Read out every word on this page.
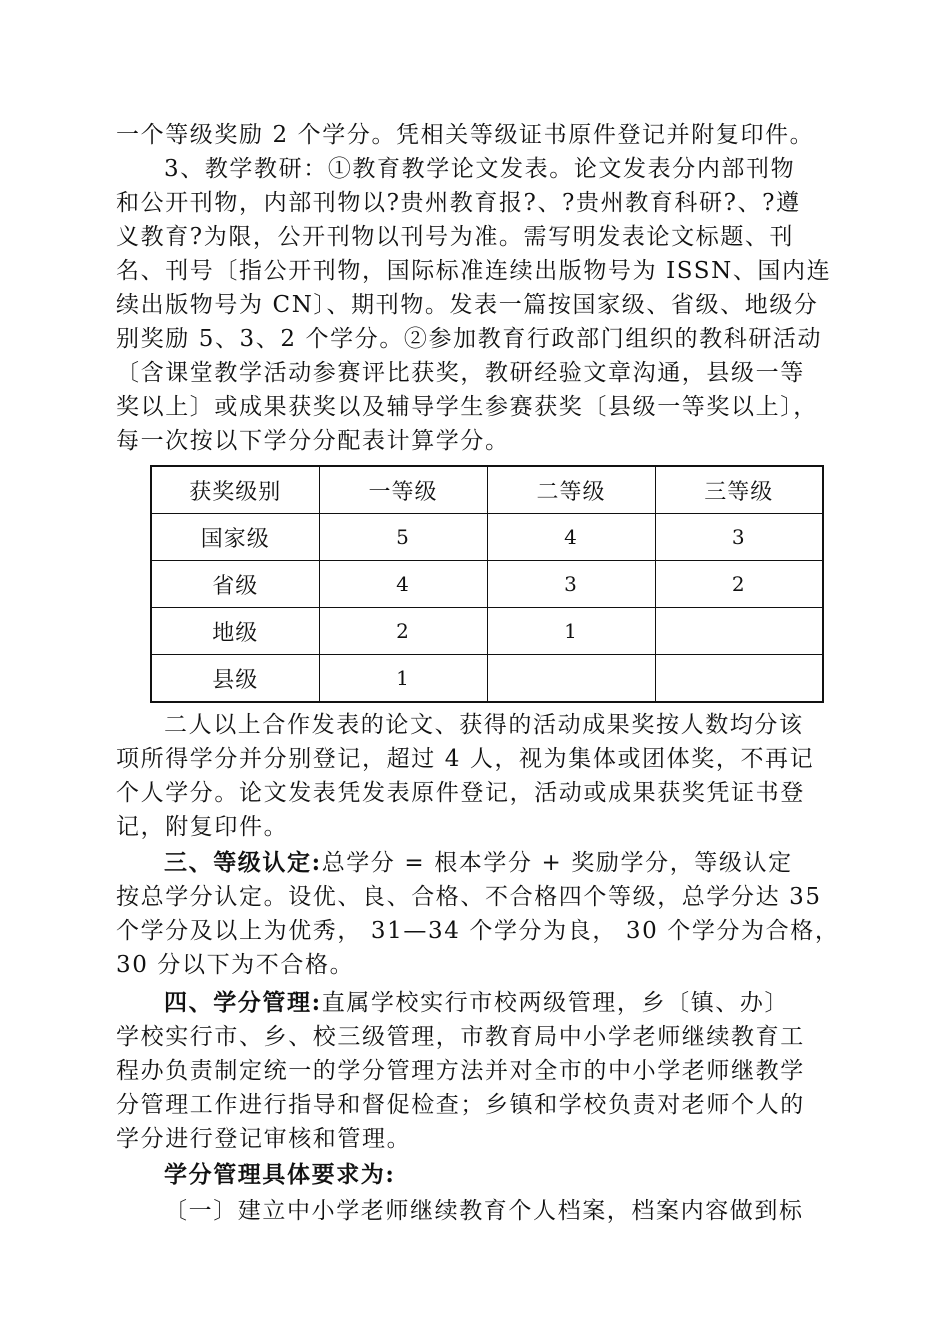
一个等级奖励 2 个学分。凭相关等级证书原件登记并附复印件。
3、教学教研：①教育教学论文发表。论文发表分内部刊物
和公开刊物，内部刊物以?贵州教育报?、?贵州教育科研?、?遵
义教育?为限，公开刊物以刊号为准。需写明发表论文标题、刊
名、刊号〔指公开刊物，国际标准连续出版物号为 ISSN、国内连
续出版物号为 CN〕、期刊物。发表一篇按国家级、省级、地级分
别奖励 5、3、2 个学分。②参加教育行政部门组织的教科研活动
〔含课堂教学活动参赛评比获奖，教研经验文章沟通，县级一等
奖以上〕或成果获奖以及辅导学生参赛获奖〔县级一等奖以上〕，
每一次按以下学分分配表计算学分。
获奖级别	一等级	二等级	三等级
国家级	5	4	3
省级	4	3	2
地级	2	1	
县级	1		
二人以上合作发表的论文、获得的活动成果奖按人数均分该
项所得学分并分别登记，超过 4 人，视为集体或团体奖，不再记
个人学分。论文发表凭发表原件登记，活动或成果获奖凭证书登
记，附复印件。
三、等级认定:总学分 = 根本学分 + 奖励学分，等级认定
按总学分认定。设优、良、合格、不合格四个等级，总学分达 35
个学分及以上为优秀， 31—34 个学分为良， 30 个学分为合格，
30 分以下为不合格。
四、学分管理:直属学校实行市校两级管理，乡〔镇、办〕
学校实行市、乡、校三级管理，市教育局中小学老师继续教育工
程办负责制定统一的学分管理方法并对全市的中小学老师继教学
分管理工作进行指导和督促检查；乡镇和学校负责对老师个人的
学分进行登记审核和管理。
学分管理具体要求为:
〔一〕建立中小学老师继续教育个人档案，档案内容做到标
